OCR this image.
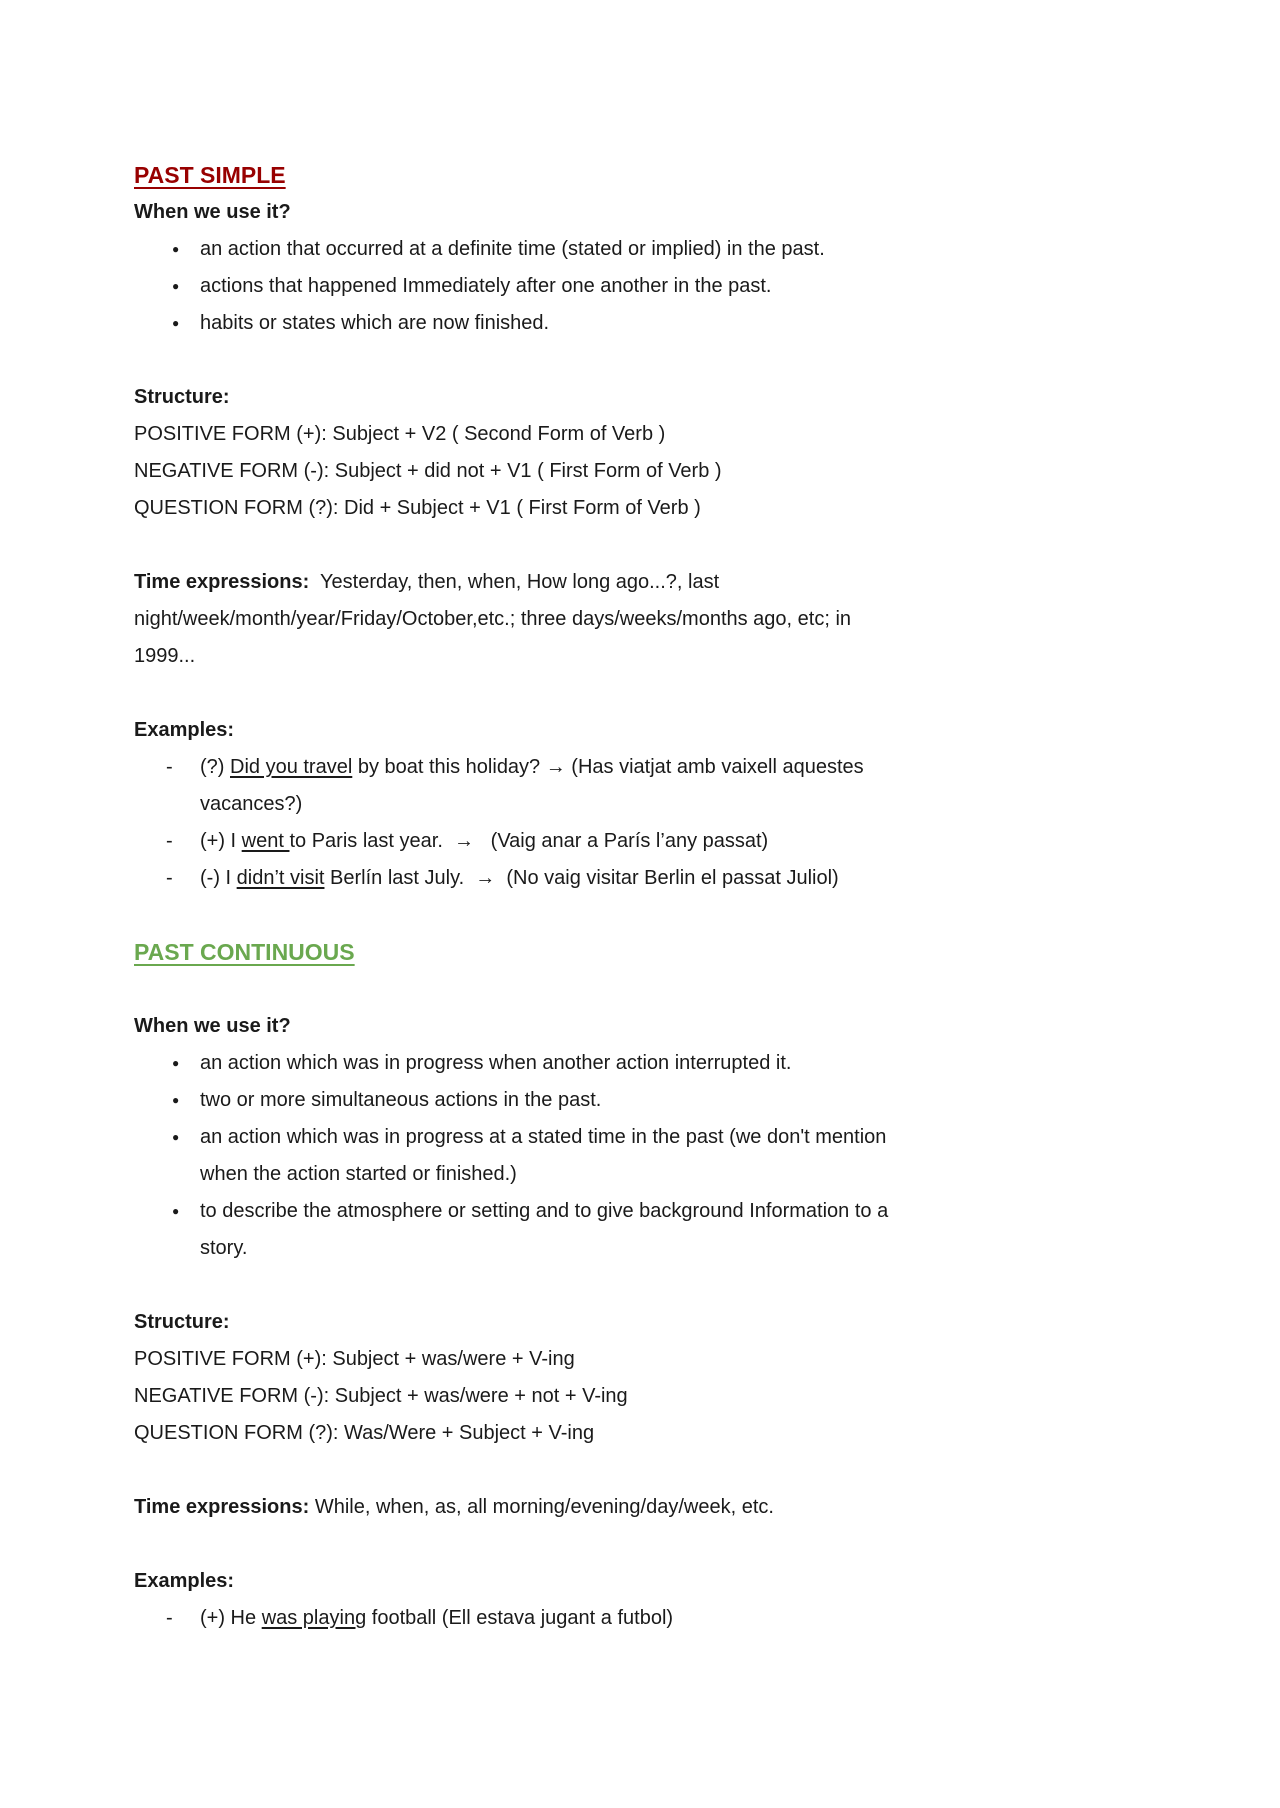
PAST SIMPLE
When we use it?
● an action that occurred at a definite time (stated or implied) in the past.
● actions that happened Immediately after one another in the past.
● habits or states which are now finished.
Structure:
POSITIVE FORM (+): Subject + V2 ( Second Form of Verb )
NEGATIVE FORM (-): Subject + did not + V1 ( First Form of Verb )
QUESTION FORM (?): Did + Subject + V1 ( First Form of Verb )
Time expressions:  Yesterday, then, when, How long ago...?, last
night/week/month/year/Friday/October,etc.; three days/weeks/months ago, etc; in
1999...
Examples:
- (?) Did you travel by boat this holiday? → (Has viatjat amb vaixell aquestes
vacances?)
- (+) I went to Paris last year.  →   (Vaig anar a París l’any passat)
- (-) I didn’t visit Berlín last July.  →  (No vaig visitar Berlin el passat Juliol)
PAST CONTINUOUS
When we use it?
● an action which was in progress when another action interrupted it.
● two or more simultaneous actions in the past.
● an action which was in progress at a stated time in the past (we don't mention
when the action started or finished.)
● to describe the atmosphere or setting and to give background Information to a
story.
Structure:
POSITIVE FORM (+): Subject + was/were + V-ing
NEGATIVE FORM (-): Subject + was/were + not + V-ing
QUESTION FORM (?): Was/Were + Subject + V-ing
Time expressions: While, when, as, all morning/evening/day/week, etc.
Examples:
- (+) He was playing football (Ell estava jugant a futbol)
